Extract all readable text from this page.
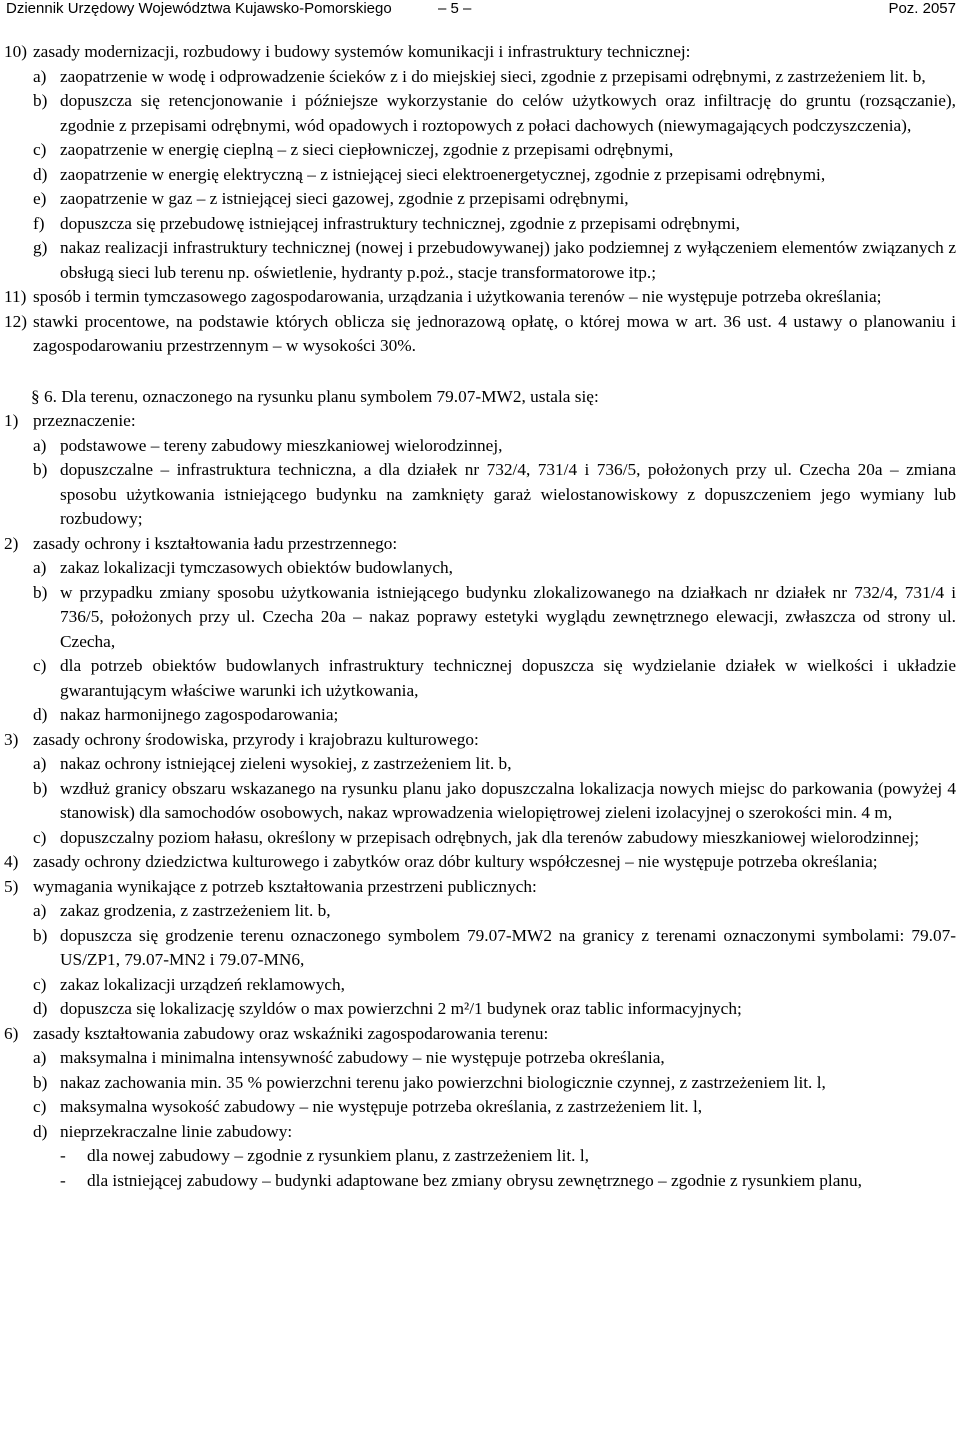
Dziennik Urzędowy Województwa Kujawsko-Pomorskiego	– 5 –	Poz. 2057
10) zasady modernizacji, rozbudowy i budowy systemów komunikacji i infrastruktury technicznej:
a) zaopatrzenie w wodę i odprowadzenie ścieków z i do miejskiej sieci, zgodnie z przepisami odrębnymi, z zastrzeżeniem lit. b,
b) dopuszcza się retencjonowanie i późniejsze wykorzystanie do celów użytkowych oraz infiltrację do gruntu (rozsączanie), zgodnie z przepisami odrębnymi, wód opadowych i roztopowych z połaci dachowych (niewymagających podczyszczenia),
c) zaopatrzenie w energię cieplną – z sieci ciepłowniczej, zgodnie z przepisami odrębnymi,
d) zaopatrzenie w energię elektryczną – z istniejącej sieci elektroenergetycznej, zgodnie z przepisami odrębnymi,
e) zaopatrzenie w gaz – z istniejącej sieci gazowej, zgodnie z przepisami odrębnymi,
f) dopuszcza się przebudowę istniejącej infrastruktury technicznej, zgodnie z przepisami odrębnymi,
g) nakaz realizacji infrastruktury technicznej (nowej i przebudowywanej) jako podziemnej z wyłączeniem elementów związanych z obsługą sieci lub terenu np. oświetlenie, hydranty p.poż., stacje transformatorowe itp.;
11) sposób i termin tymczasowego zagospodarowania, urządzania i użytkowania terenów – nie występuje potrzeba określania;
12) stawki procentowe, na podstawie których oblicza się jednorazową opłatę, o której mowa w art. 36 ust. 4 ustawy o planowaniu i zagospodarowaniu przestrzennym – w wysokości 30%.
§ 6. Dla terenu, oznaczonego na rysunku planu symbolem 79.07-MW2, ustala się:
1) przeznaczenie:
a) podstawowe – tereny zabudowy mieszkaniowej wielorodzinnej,
b) dopuszczalne – infrastruktura techniczna, a dla działek nr 732/4, 731/4 i 736/5, położonych przy ul. Czecha 20a – zmiana sposobu użytkowania istniejącego budynku na zamknięty garaż wielostanowiskowy z dopuszczeniem jego wymiany lub rozbudowy;
2) zasady ochrony i kształtowania ładu przestrzennego:
a) zakaz lokalizacji tymczasowych obiektów budowlanych,
b) w przypadku zmiany sposobu użytkowania istniejącego budynku zlokalizowanego na działkach nr działek nr 732/4, 731/4 i 736/5, położonych przy ul. Czecha 20a – nakaz poprawy estetyki wyglądu zewnętrznego elewacji, zwłaszcza od strony ul. Czecha,
c) dla potrzeb obiektów budowlanych infrastruktury technicznej dopuszcza się wydzielanie działek w wielkości i układzie gwarantującym właściwe warunki ich użytkowania,
d) nakaz harmonijnego zagospodarowania;
3) zasady ochrony środowiska, przyrody i krajobrazu kulturowego:
a) nakaz ochrony istniejącej zieleni wysokiej, z zastrzeżeniem lit. b,
b) wzdłuż granicy obszaru wskazanego na rysunku planu jako dopuszczalna lokalizacja nowych miejsc do parkowania (powyżej 4 stanowisk) dla samochodów osobowych, nakaz wprowadzenia wielopiętrowej zieleni izolacyjnej o szerokości min. 4 m,
c) dopuszczalny poziom hałasu, określony w przepisach odrębnych, jak dla terenów zabudowy mieszkaniowej wielorodzinnej;
4) zasady ochrony dziedzictwa kulturowego i zabytków oraz dóbr kultury współczesnej – nie występuje potrzeba określania;
5) wymagania wynikające z potrzeb kształtowania przestrzeni publicznych:
a) zakaz grodzenia, z zastrzeżeniem lit. b,
b) dopuszcza się grodzenie terenu oznaczonego symbolem 79.07-MW2 na granicy z terenami oznaczonymi symbolami: 79.07-US/ZP1, 79.07-MN2 i 79.07-MN6,
c) zakaz lokalizacji urządzeń reklamowych,
d) dopuszcza się lokalizację szyldów o max powierzchni 2 m²/1 budynek oraz tablic informacyjnych;
6) zasady kształtowania zabudowy oraz wskaźniki zagospodarowania terenu:
a) maksymalna i minimalna intensywność zabudowy – nie występuje potrzeba określania,
b) nakaz zachowania min. 35 % powierzchni terenu jako powierzchni biologicznie czynnej, z zastrzeżeniem lit. l,
c) maksymalna wysokość zabudowy – nie występuje potrzeba określania, z zastrzeżeniem lit. l,
d) nieprzekraczalne linie zabudowy:
-	dla nowej zabudowy – zgodnie z rysunkiem planu, z zastrzeżeniem lit. l,
-	dla istniejącej zabudowy – budynki adaptowane bez zmiany obrysu zewnętrznego – zgodnie z rysunkiem planu,
